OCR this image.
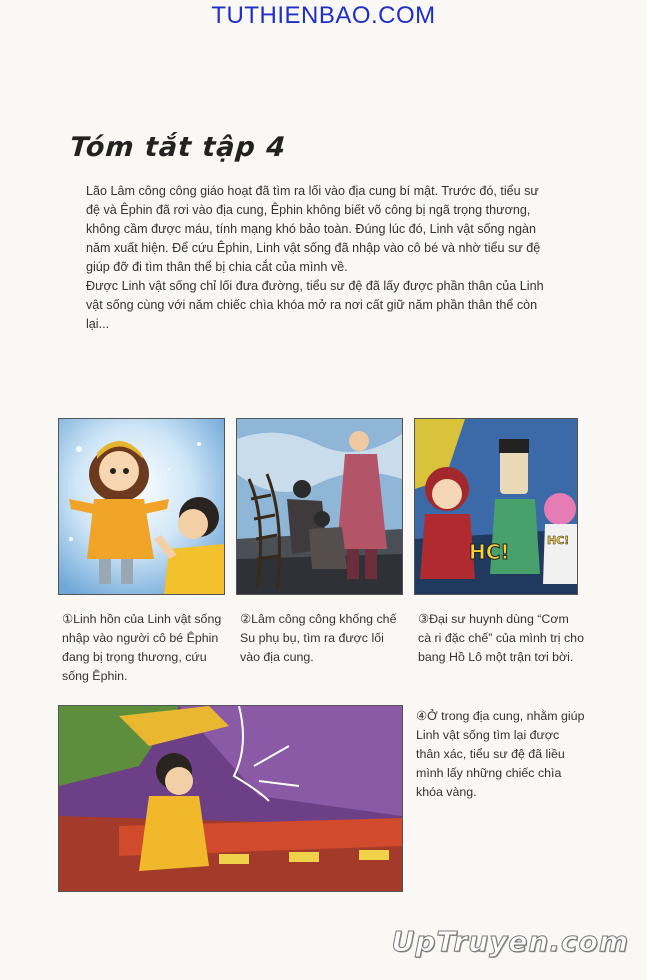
TUTHIENBAO.COM
Tóm tắt tập 4

Lão Lâm công công giáo hoạt đã tìm ra lối vào địa cung bí mật. Trước đó, tiểu sư đệ và Êphin đã rơi vào địa cung, Êphin không biết võ công bị ngã trọng thương, không cầm được máu, tính mạng khó bảo toàn. Đúng lúc đó, Linh vật sống ngàn năm xuất hiện. Để cứu Êphin, Linh vật sống đã nhập vào cô bé và nhờ tiểu sư đệ giúp đỡ đi tìm thân thể bị chia cắt của mình về.

Được Linh vật sống chỉ lối đưa đường, tiểu sư đệ đã lấy được phần thân của Linh vật sống cùng với năm chiếc chìa khóa mở ra nơi cất giữ năm phần thân thể còn lại...

HC!	HC!
①Linh hồn của Linh vật sống nhập vào người cô bé Êphin đang bị trọng thương, cứu sống Êphin.
②Lâm công công khống chế Su phụ bụ, tìm ra được lối vào địa cung.
③Đại sư huynh dùng “Cơm cà ri đặc chế” của mình trị cho bang Hồ Lô một trận tơi bời.
④Ở trong địa cung, nhằm giúp Linh vật sống tìm lại được thân xác, tiểu sư đệ đã liều mình lấy những chiếc chìa khóa vàng.
UpTruyen.com
